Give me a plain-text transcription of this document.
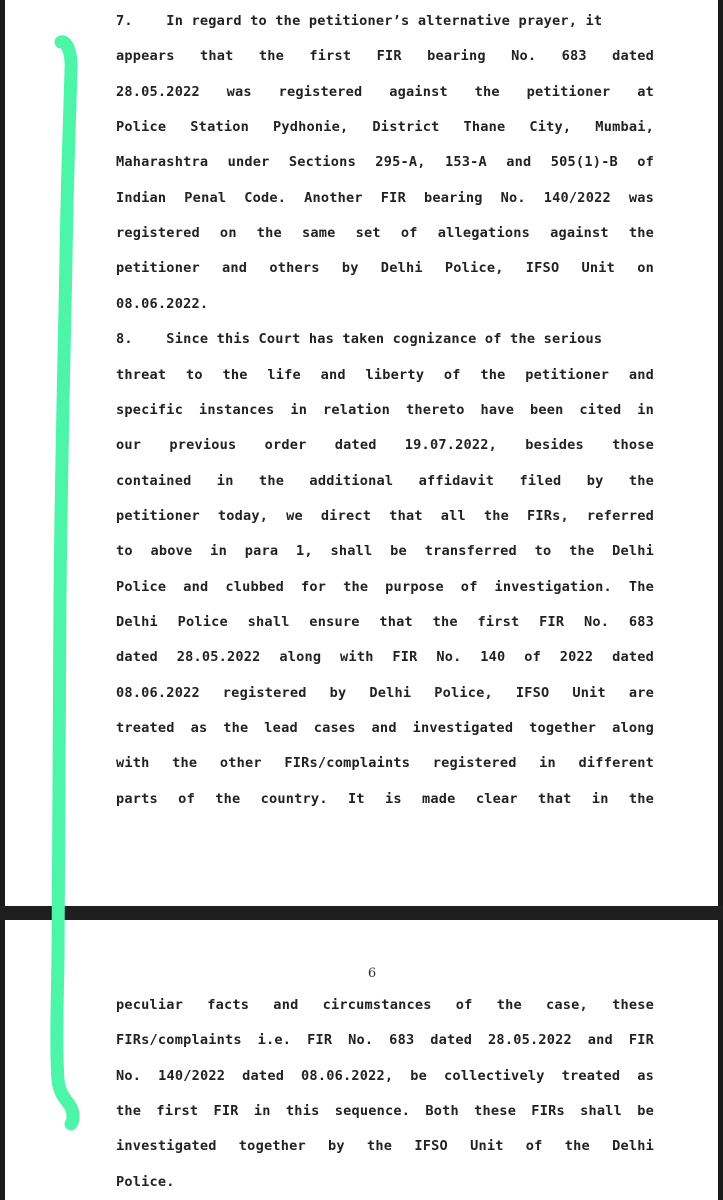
7.    In regard to the petitioner’s alternative prayer, it
appears that the first FIR bearing No. 683 dated
28.05.2022 was registered against the petitioner at
Police Station Pydhonie, District Thane City, Mumbai,
Maharashtra under Sections 295-A, 153-A and 505(1)-B of
Indian Penal Code. Another FIR bearing No. 140/2022 was
registered on the same set of allegations against the
petitioner and others by Delhi Police, IFSO Unit on
08.06.2022.
8.    Since this Court has taken cognizance of the serious
threat to the life and liberty of the petitioner and
specific instances in relation thereto have been cited in
our previous order dated 19.07.2022, besides those
contained in the additional affidavit filed by the
petitioner today, we direct that all the FIRs, referred
to above in para 1, shall be transferred to the Delhi
Police and clubbed for the purpose of investigation. The
Delhi Police shall ensure that the first FIR No. 683
dated 28.05.2022 along with FIR No. 140 of 2022 dated
08.06.2022 registered by Delhi Police, IFSO Unit are
treated as the lead cases and investigated together along
with the other FIRs/complaints registered in different
parts of the country. It is made clear that in the
6
peculiar facts and circumstances of the case, these
FIRs/complaints i.e. FIR No. 683 dated 28.05.2022 and FIR
No. 140/2022 dated 08.06.2022, be collectively treated as
the first FIR in this sequence. Both these FIRs shall be
investigated together by the IFSO Unit of the Delhi
Police.
